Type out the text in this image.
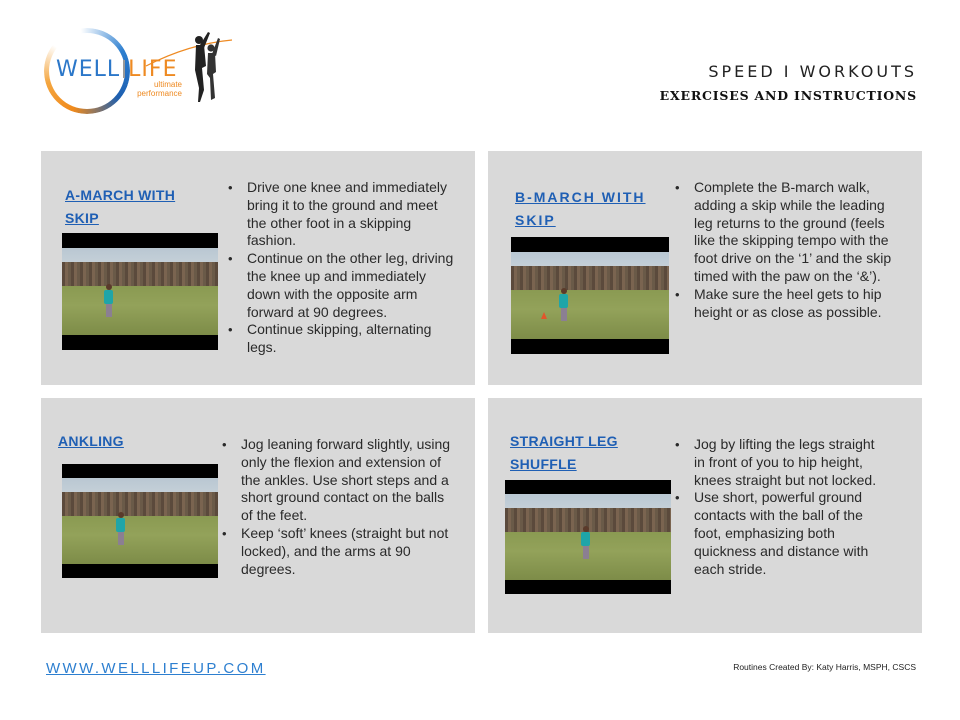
WELL LIFE
ultimate
performance
SPEED I WORKOUTS
EXERCISES AND INSTRUCTIONS
A-MARCH WITH SKIP
• Drive one knee and immediately bring it to the ground and meet the other foot in a skipping fashion.
• Continue on the other leg, driving the knee up and immediately down with the opposite arm forward at 90 degrees.
• Continue skipping, alternating legs.
B-MARCH WITH SKIP
• Complete the B-march walk, adding a skip while the leading leg returns to the ground (feels like the skipping tempo with the foot drive on the ‘1’ and the skip timed with the paw on the ‘&’).
• Make sure the heel gets to hip height or as close as possible.
ANKLING
•	Jog leaning forward slightly, using only the flexion and extension of the ankles. Use short steps and a short ground contact on the balls of the feet.
• Keep ‘soft’ knees (straight but not locked), and the arms at 90 degrees.
STRAIGHT LEG SHUFFLE
• Jog by lifting the legs straight in front of you to hip height, knees straight but not locked.
• Use short, powerful ground contacts with the ball of the foot, emphasizing both quickness and distance with each stride.
WWW.WELLLIFEUP.COM	Routines Created By: Katy Harris, MSPH, CSCS
